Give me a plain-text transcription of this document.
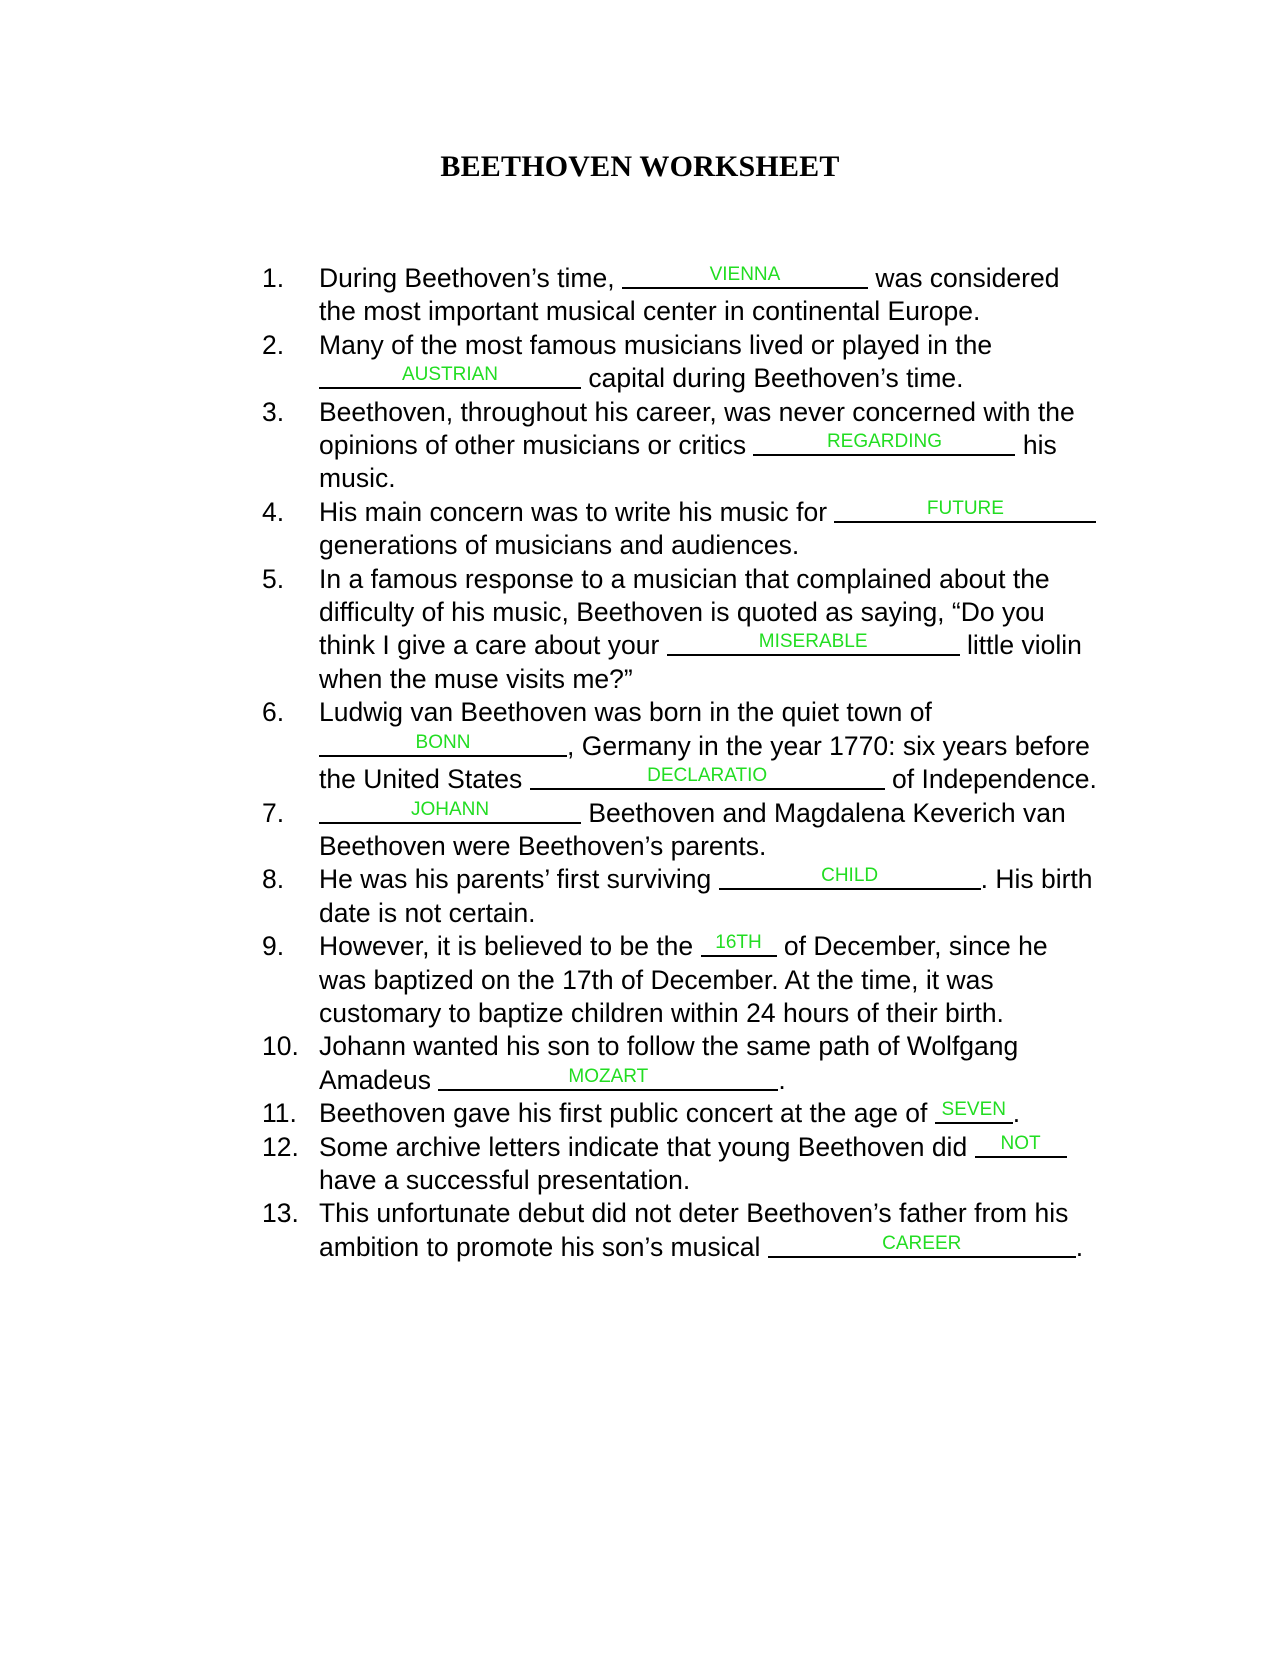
BEETHOVEN WORKSHEET
1.	During Beethoven’s time,	VIENNA	was considered the most important musical center in continental Europe.
2.	Many of the most famous musicians lived or played in the
AUSTRIAN	capital during Beethoven’s time.
3.	Beethoven, throughout his career, was never concerned with the opinions of other musicians or critics	REGARDING	his music.
4.	His main concern was to write his music for	FUTURE
generations of musicians and audiences.
5.	In a famous response to a musician that complained about the difficulty of his music, Beethoven is quoted as saying, “Do you think I give a care about your	MISERABLE	little violin when the muse visits me?”
6.	Ludwig van Beethoven was born in the quiet town of
BONN	, Germany in the year 1770: six years before the United States	DECLARATIO	of Independence.
7.	JOHANN	Beethoven and Magdalena Keverich van Beethoven were Beethoven’s parents.
8.	He was his parents’ first surviving	CHILD	. His birth date is not certain.
9.	However, it is believed to be the 16TH of December, since he was baptized on the 17th of December. At the time, it was customary to baptize children within 24 hours of their birth.
10. Johann wanted his son to follow the same path of Wolfgang Amadeus	MOZART	.
11. Beethoven gave his first public concert at the age of SEVEN .
12. Some archive letters indicate that young Beethoven did	NOT
have a successful presentation.
13. This unfortunate debut did not deter Beethoven’s father from his ambition to promote his son’s musical	CAREER	.
